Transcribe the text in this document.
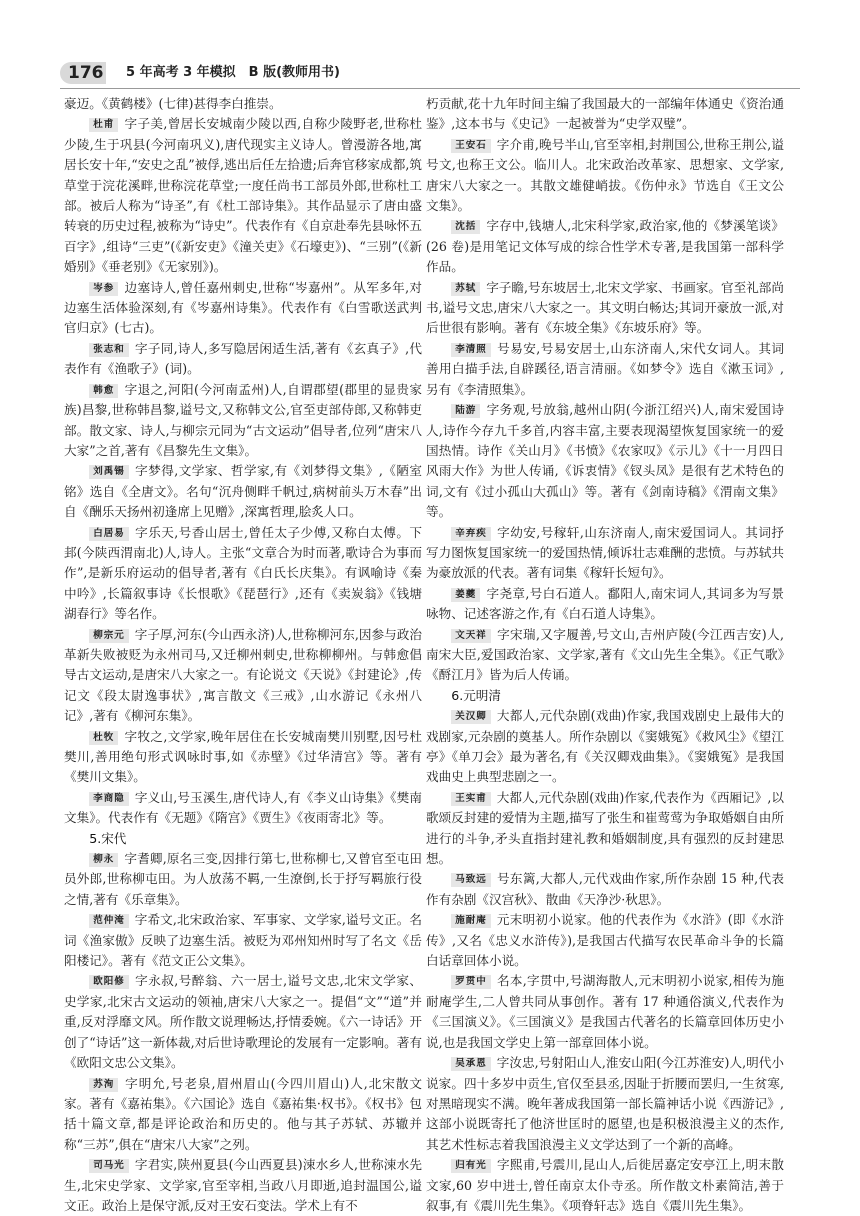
176 5 年高考 3 年模拟　B 版(教师用书)

豪迈。《黄鹤楼》(七律)甚得李白推崇。

杜甫 字子美,曾居长安城南少陵以西,自称少陵野老,世称杜少陵,生于巩县(今河南巩义),唐代现实主义诗人。曾漫游各地,寓居长安十年,“安史之乱”被俘,逃出后任左拾遗;后奔官移家成都,筑草堂于浣花溪畔,世称浣花草堂;一度任尚书工部员外郎,世称杜工部。被后人称为“诗圣”,有《杜工部诗集》。其作品显示了唐由盛转衰的历史过程,被称为“诗史”。代表作有《自京赴奉先县咏怀五百字》,组诗“三吏”(《新安吏》《潼关吏》《石壕吏》)、“三别”(《新婚别》《垂老别》《无家别》)。

岑参 边塞诗人,曾任嘉州刺史,世称“岑嘉州”。从军多年,对边塞生活体验深刻,有《岑嘉州诗集》。代表作有《白雪歌送武判官归京》(七古)。

张志和 字子同,诗人,多写隐居闲适生活,著有《玄真子》,代表作有《渔歌子》(词)。

韩愈 字退之,河阳(今河南孟州)人,自谓郡望(郡里的显贵家族)昌黎,世称韩昌黎,谥号文,又称韩文公,官至吏部侍郎,又称韩吏部。散文家、诗人,与柳宗元同为“古文运动”倡导者,位列“唐宋八大家”之首,著有《昌黎先生文集》。

刘禹锡 字梦得,文学家、哲学家,有《刘梦得文集》,《陋室铭》选自《全唐文》。名句“沉舟侧畔千帆过,病树前头万木春”出自《酬乐天扬州初逢席上见赠》,深寓哲理,脍炙人口。

白居易 字乐天,号香山居士,曾任太子少傅,又称白太傅。下邽(今陕西渭南北)人,诗人。主张“文章合为时而著,歌诗合为事而作”,是新乐府运动的倡导者,著有《白氏长庆集》。有讽喻诗《秦中吟》,长篇叙事诗《长恨歌》《琵琶行》,还有《卖炭翁》《钱塘湖春行》等名作。

柳宗元 字子厚,河东(今山西永济)人,世称柳河东,因参与政治革新失败被贬为永州司马,又迁柳州刺史,世称柳柳州。与韩愈倡导古文运动,是唐宋八大家之一。有论说文《天说》《封建论》,传记文《段太尉逸事状》,寓言散文《三戒》,山水游记《永州八记》,著有《柳河东集》。

杜牧 字牧之,文学家,晚年居住在长安城南樊川别墅,因号杜樊川,善用绝句形式讽咏时事,如《赤壁》《过华清宫》等。著有《樊川文集》。

李商隐 字义山,号玉溪生,唐代诗人,有《李义山诗集》《樊南文集》。代表作有《无题》《隋宫》《贾生》《夜雨寄北》等。

5.宋代

柳永 字耆卿,原名三变,因排行第七,世称柳七,又曾官至屯田员外郎,世称柳屯田。为人放荡不羁,一生潦倒,长于抒写羁旅行役之情,著有《乐章集》。

范仲淹 字希文,北宋政治家、军事家、文学家,谥号文正。名词《渔家傲》反映了边塞生活。被贬为邓州知州时写了名文《岳阳楼记》。著有《范文正公文集》。

欧阳修 字永叔,号醉翁、六一居士,谥号文忠,北宋文学家、史学家,北宋古文运动的领袖,唐宋八大家之一。提倡“文”“道”并重,反对浮靡文风。所作散文说理畅达,抒情委婉。《六一诗话》开创了“诗话”这一新体裁,对后世诗歌理论的发展有一定影响。著有《欧阳文忠公文集》。

苏洵 字明允,号老泉,眉州眉山(今四川眉山)人,北宋散文家。著有《嘉祐集》。《六国论》选自《嘉祐集·权书》。《权书》包括十篇文章,都是评论政治和历史的。他与其子苏轼、苏辙并称“三苏”,俱在“唐宋八大家”之列。

司马光 字君实,陕州夏县(今山西夏县)涑水乡人,世称涑水先生,北宋史学家、文学家,官至宰相,当政八月即逝,追封温国公,谥文正。政治上是保守派,反对王安石变法。学术上有不

朽贡献,花十九年时间主编了我国最大的一部编年体通史《资治通鉴》,这本书与《史记》一起被誉为“史学双璧”。

王安石 字介甫,晚号半山,官至宰相,封荆国公,世称王荆公,谥号文,也称王文公。临川人。北宋政治改革家、思想家、文学家,唐宋八大家之一。其散文雄健峭拔。《伤仲永》节选自《王文公文集》。

沈括 字存中,钱塘人,北宋科学家,政治家,他的《梦溪笔谈》(26 卷)是用笔记文体写成的综合性学术专著,是我国第一部科学作品。

苏轼 字子瞻,号东坡居士,北宋文学家、书画家。官至礼部尚书,谥号文忠,唐宋八大家之一。其文明白畅达;其词开豪放一派,对后世很有影响。著有《东坡全集》《东坡乐府》等。

李清照 号易安,号易安居士,山东济南人,宋代女词人。其词善用白描手法,自辟蹊径,语言清丽。《如梦令》选自《漱玉词》,另有《李清照集》。

陆游 字务观,号放翁,越州山阴(今浙江绍兴)人,南宋爱国诗人,诗作今存九千多首,内容丰富,主要表现渴望恢复国家统一的爱国热情。诗作《关山月》《书愤》《农家叹》《示儿》《十一月四日风雨大作》为世人传诵,《诉衷情》《钗头凤》是很有艺术特色的词,文有《过小孤山大孤山》等。著有《剑南诗稿》《渭南文集》等。

辛弃疾 字幼安,号稼轩,山东济南人,南宋爱国词人。其词抒写力图恢复国家统一的爱国热情,倾诉壮志难酬的悲愤。与苏轼共为豪放派的代表。著有词集《稼轩长短句》。

姜夔 字尧章,号白石道人。鄱阳人,南宋词人,其词多为写景咏物、记述客游之作,有《白石道人诗集》。

文天祥 字宋瑞,又字履善,号文山,吉州庐陵(今江西吉安)人,南宋大臣,爱国政治家、文学家,著有《文山先生全集》。《正气歌》《酹江月》皆为后人传诵。

6.元明清

关汉卿 大都人,元代杂剧(戏曲)作家,我国戏剧史上最伟大的戏剧家,元杂剧的奠基人。所作杂剧以《窦娥冤》《救风尘》《望江亭》《单刀会》最为著名,有《关汉卿戏曲集》。《窦娥冤》是我国戏曲史上典型悲剧之一。

王实甫 大都人,元代杂剧(戏曲)作家,代表作为《西厢记》,以歌颂反封建的爱情为主题,描写了张生和崔莺莺为争取婚姻自由所进行的斗争,矛头直指封建礼教和婚姻制度,具有强烈的反封建思想。

马致远 号东篱,大都人,元代戏曲作家,所作杂剧 15 种,代表作有杂剧《汉宫秋》、散曲《天净沙·秋思》。

施耐庵 元末明初小说家。他的代表作为《水浒》(即《水浒传》,又名《忠义水浒传》),是我国古代描写农民革命斗争的长篇白话章回体小说。

罗贯中 名本,字贯中,号湖海散人,元末明初小说家,相传为施耐庵学生,二人曾共同从事创作。著有 17 种通俗演义,代表作为《三国演义》。《三国演义》是我国古代著名的长篇章回体历史小说,也是我国文学史上第一部章回体小说。

吴承恩 字汝忠,号射阳山人,淮安山阳(今江苏淮安)人,明代小说家。四十多岁中贡生,官仅至县丞,因耻于折腰而罢归,一生贫寒,对黑暗现实不满。晚年著成我国第一部长篇神话小说《西游记》,这部小说既寄托了他济世匡时的愿望,也是积极浪漫主义的杰作,其艺术性标志着我国浪漫主义文学达到了一个新的高峰。

归有光 字熙甫,号震川,昆山人,后徙居嘉定安亭江上,明末散文家,60 岁中进士,曾任南京太仆寺丞。所作散文朴素简洁,善于叙事,有《震川先生集》。《项脊轩志》选自《震川先生集》。
